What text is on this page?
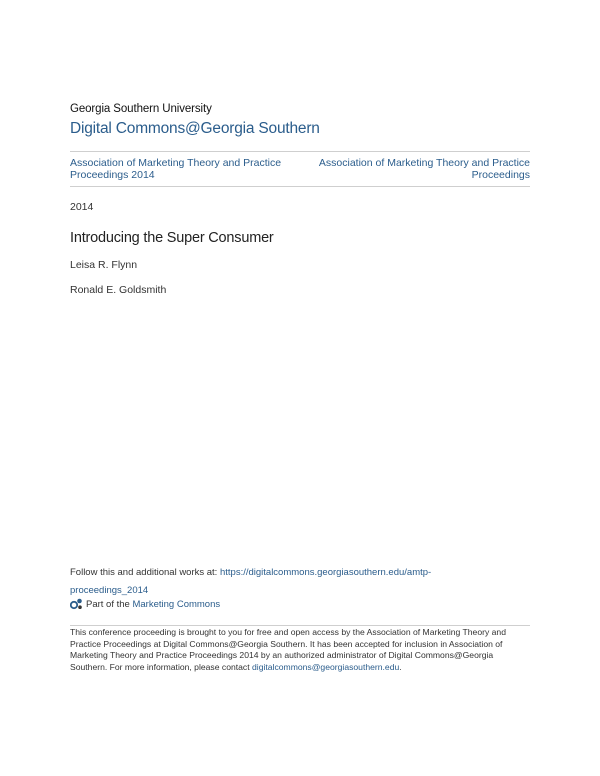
Georgia Southern University
Digital Commons@Georgia Southern
Association of Marketing Theory and Practice
Proceedings 2014
Association of Marketing Theory and Practice
Proceedings
2014
Introducing the Super Consumer
Leisa R. Flynn
Ronald E. Goldsmith
Follow this and additional works at: https://digitalcommons.georgiasouthern.edu/amtp-
proceedings_2014
Part of the
Marketing Commons
This conference proceeding is brought to you for free and open access by the Association of Marketing Theory and
Practice Proceedings at Digital Commons@Georgia Southern. It has been accepted for inclusion in Association of
Marketing Theory and Practice Proceedings 2014 by an authorized administrator of Digital Commons@Georgia
Southern. For more information, please contact digitalcommons@georgiasouthern.edu.
